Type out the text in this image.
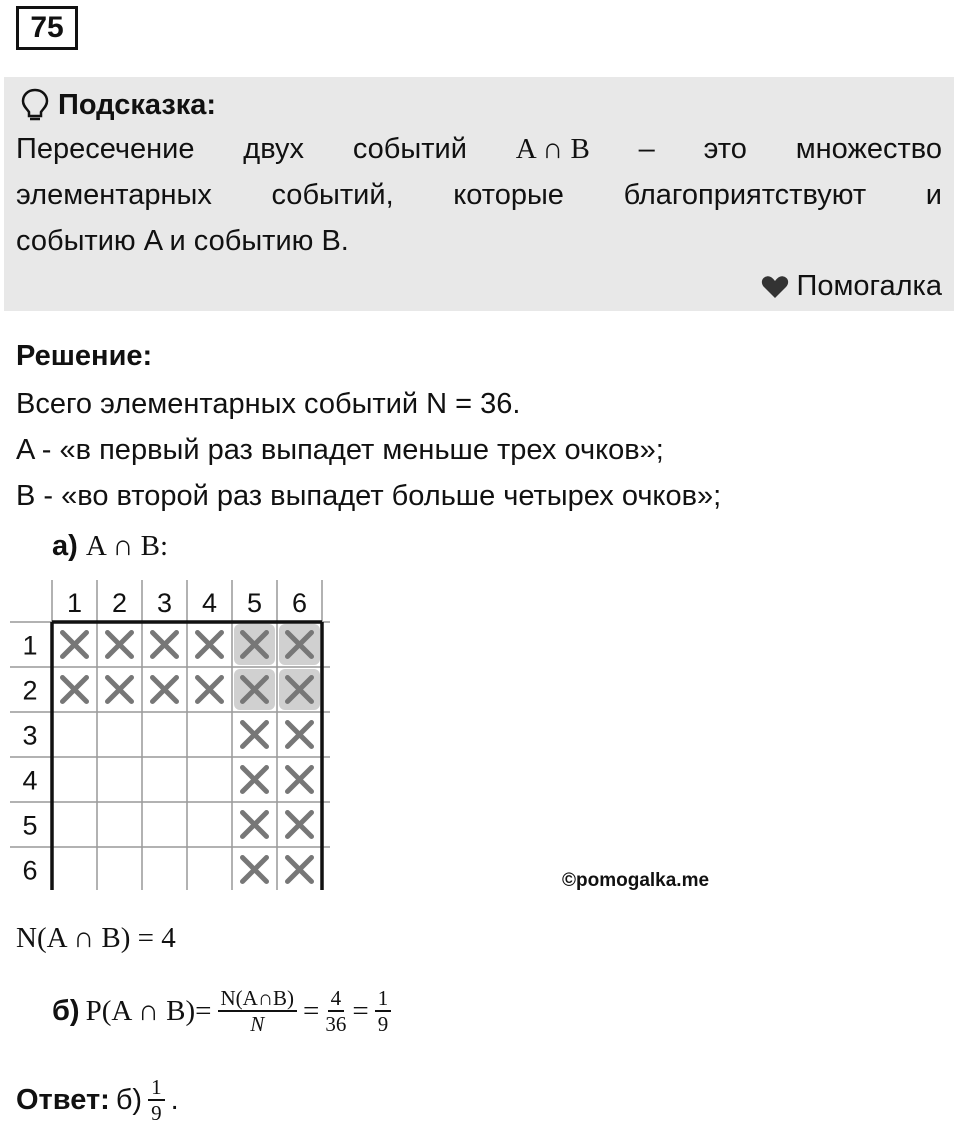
75
Подсказка:
Пересечение двух событий A ∩ B – это множество
элементарных событий, которые благоприятствуют и
событию A и событию B.
Помогалка
Решение:
Всего элементарных событий N = 36.
A - «в первый раз выпадет меньше трех очков»;
B - «во второй раз выпадет больше четырех очков»;
а) A ∩ B:
1 2 3 4 5 6
1
2
3
4
5
6	©pomogalka.me
N(A ∩ B) = 4
б) P(A ∩ $B)= \frac{N(A\cap B)}{N} = \frac{4}{36} = \frac{1}{9}$
Ответ: $б) \frac{1}{9}$ .
